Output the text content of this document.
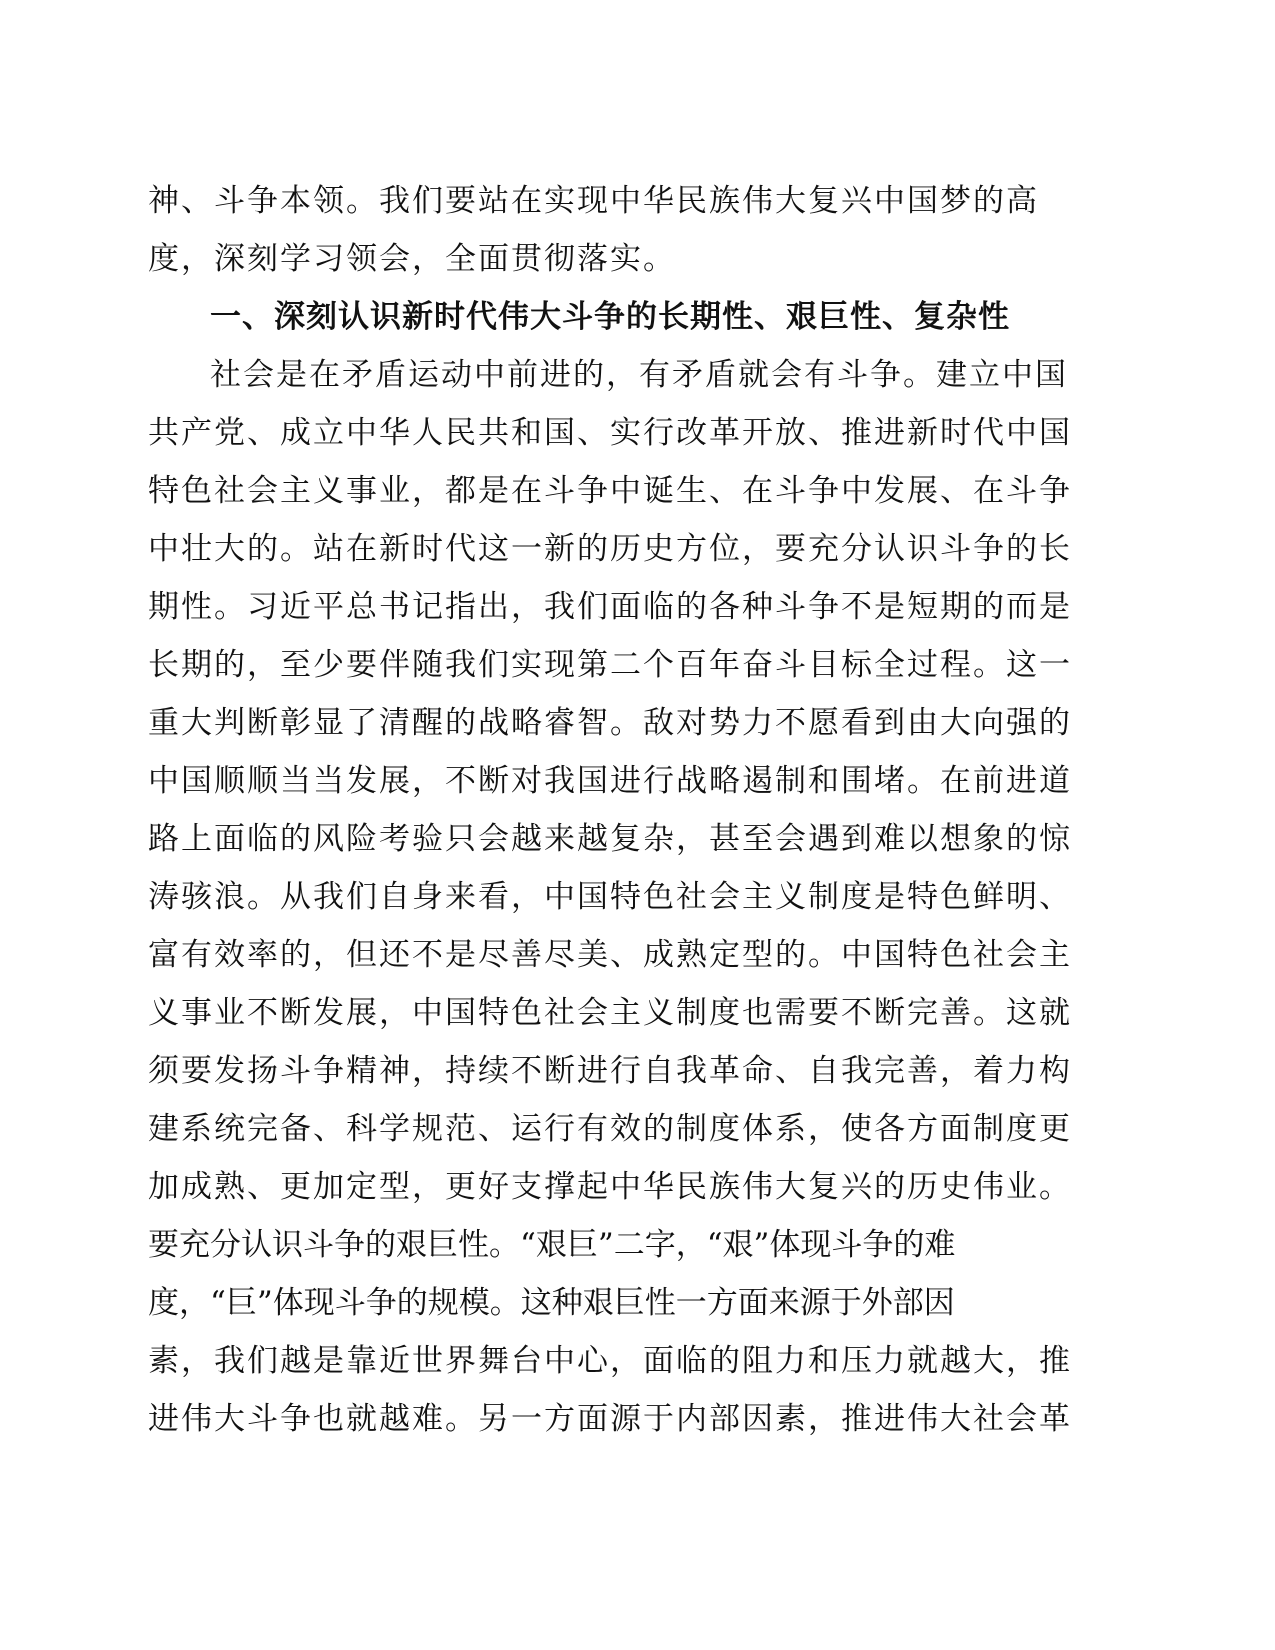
神、斗争本领。我们要站在实现中华民族伟大复兴中国梦的高
度，深刻学习领会，全面贯彻落实。
一、深刻认识新时代伟大斗争的长期性、艰巨性、复杂性
社会是在矛盾运动中前进的，有矛盾就会有斗争。建立中国
共产党、成立中华人民共和国、实行改革开放、推进新时代中国
特色社会主义事业，都是在斗争中诞生、在斗争中发展、在斗争
中壮大的。站在新时代这一新的历史方位，要充分认识斗争的长
期性。习近平总书记指出，我们面临的各种斗争不是短期的而是
长期的，至少要伴随我们实现第二个百年奋斗目标全过程。这一
重大判断彰显了清醒的战略睿智。敌对势力不愿看到由大向强的
中国顺顺当当发展，不断对我国进行战略遏制和围堵。在前进道
路上面临的风险考验只会越来越复杂，甚至会遇到难以想象的惊
涛骇浪。从我们自身来看，中国特色社会主义制度是特色鲜明、
富有效率的，但还不是尽善尽美、成熟定型的。中国特色社会主
义事业不断发展，中国特色社会主义制度也需要不断完善。这就
须要发扬斗争精神，持续不断进行自我革命、自我完善，着力构
建系统完备、科学规范、运行有效的制度体系，使各方面制度更
加成熟、更加定型，更好支撑起中华民族伟大复兴的历史伟业。
要充分认识斗争的艰巨性。“艰巨”二字，“艰”体现斗争的难
度，“巨”体现斗争的规模。这种艰巨性一方面来源于外部因
素，我们越是靠近世界舞台中心，面临的阻力和压力就越大，推
进伟大斗争也就越难。另一方面源于内部因素，推进伟大社会革
